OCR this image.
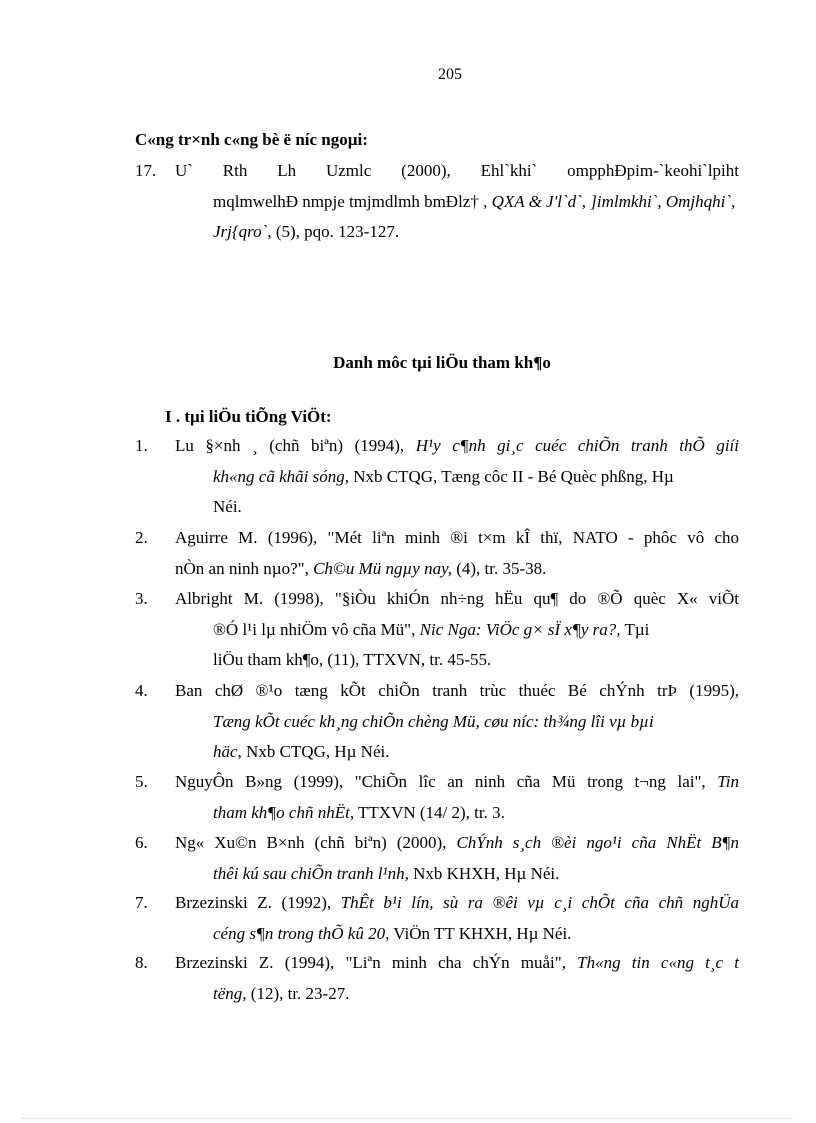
205
C«ng tr×nh c«ng bè ë níc ngoµi:
17.	U` Rth Lh Uzmlc (2000), Ehl`khi` ompphÐpim-`keohi`lpiht
mqlmwelhÐ nmpje tmjmdlmh bmÐlz† , QXA & J'l`d`, ]imlmkhi`, Omjhqhi`,
Jrj{qro`, (5), pqo. 123-127.
Danh môc tµi liÖu tham kh¶o
I . tµi liÖu tiÕng ViÖt:
1.	Lu §×nh ¸ (chñ biªn) (1994), H¹y c¶nh gi¸c cuéc chiÕn tranh thÕ giíi
kh«ng cã khãi sóng, Nxb CTQG, Tæng côc II - Bé Quèc phßng, Hµ
Néi.
2.	Aguirre M. (1996), "Mét liªn minh ®i t×m kÎ thï, NATO - phôc vô cho
nÒn an ninh nµo?", Ch©u Mü ngµy nay, (4), tr. 35-38.
3.	Albright M. (1998), "§iÒu khiÓn nh÷ng hËu qu¶ do ®Õ quèc X« viÕt
®Ó l¹i lµ nhiÖm vô cña Mü", Nic Nga: ViÖc g× sÏ x¶y ra?, Tµi
liÖu tham kh¶o, (11), TTXVN, tr. 45-55.
4.	Ban chØ ®¹o tæng kÕt chiÕn tranh trùc thuéc Bé chÝnh trÞ (1995),
Tæng kÕt cuéc kh¸ng chiÕn chèng Mü, cøu níc: th¾ng lîi vµ bµi
häc, Nxb CTQG, Hµ Néi.
5.	NguyÔn B»ng (1999), "ChiÕn lîc an ninh cña Mü trong t¬ng lai", Tin
tham kh¶o chñ nhËt, TTXVN (14/ 2), tr. 3.
6.	Ng« Xu©n B×nh (chñ biªn) (2000), ChÝnh s¸ch ®èi ngo¹i cña NhËt B¶n
thêi kú sau chiÕn tranh l¹nh, Nxb KHXH, Hµ Néi.
7.	Brzezinski Z. (1992), ThÊt b¹i lín, sù ra ®êi vµ c¸i chÕt cña chñ nghÜa
céng s¶n trong thÕ kû 20, ViÖn TT KHXH, Hµ Néi.
8.	Brzezinski Z. (1994), "Liªn minh cha chÝn muåi", Th«ng tin c«ng t¸c t
tëng, (12), tr. 23-27.
